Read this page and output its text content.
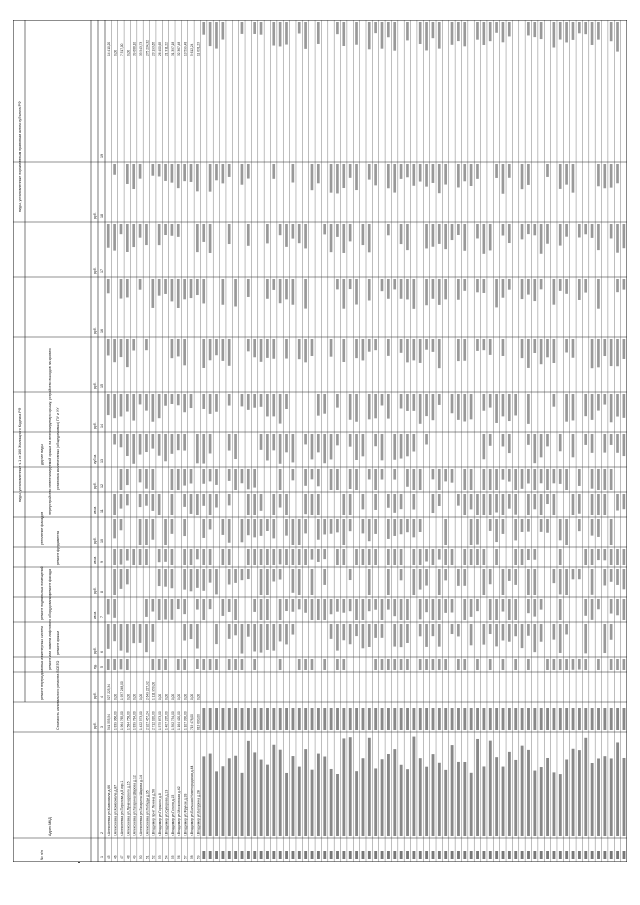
виды, установленные ч.1 ст.166 Жилищного Кодекса РФ
виды, установленные нормативным правовым актом субъекта РФ
№ п/п
Адрес МКД
Стоимость капитального ремонта ВСЕГО
ремонт внутридомовых инженерных систем ремонт или замена лифтового оборудования ремонт крыши
ремонт подвальных помещений ремонт фасада
ремонт фундамента
утепление фасадов
переустройство невентилируемой крыши на вентилируемую крышу, устройство выходов на кровлю установка коллективных (общедомовых) ПУ и УУ
другие виды
руб.
руб.
ед.
руб.
кв.м.
руб.
кв.м.
руб.
кв.м.
руб.
куб.м.
руб.
руб.
руб.
руб.
руб.
1
2
3
4
5
6
7
8
9
10
11
12
13
14
15
16
17
18
19
45
г.Алексеевка ул.Комсомола д.66
541 555,54
527 225,34
14 410,20
46
г.Алексеевка ул.Комсомола д.87
1 839 366,00
0,00
0,00
47
г.Алексеевка ул.Пирогова д.8 кор.1
1 964 765,00
1 957 248,00
7 517,00
48
г.Алексеевка ул.Луначарского д.15
1 584 758,00
0,00
0,00
49
г.Алексеевка ул.Гагарина Шарова д.12
1 839 784,00
0,00
39 688,10
50
г.Алексеевка ул.Гагарина Шарова д.14
1 422 573,00
0,00
33 543,73
51
г.Алексеевка ул.Победы д.35
2 927 457,24
2 649 227,92
275 234,32
52
г.Владимир пр-кт Ленина д.56
2 712 020,00
1 111 950,00
23 193,65
53
г.Владимир ул.Горького д.8
1 575 873,00
0,00
26 400,65
54
г.Владимир ул.Суворова д.13
1 407 235,00
0,00
21 311,22
55
г.Владимир ул.Гоголя д.15
1 392 734,00
0,00
31 397,18
56
г.Владимир ул.Московская д.42
1 164 420,00
0,00
32 367,48
57
г.Владимир ул.Фрунзе д.33
1 107 330,00
0,00
13 599,48
58
г.Владимир ул.Большая Нижегородская д.44
719 478,00
0,00
5 612,24
59
г.Владимир ул.Батурина д.28
813 600,00
0,00
11 631,23
